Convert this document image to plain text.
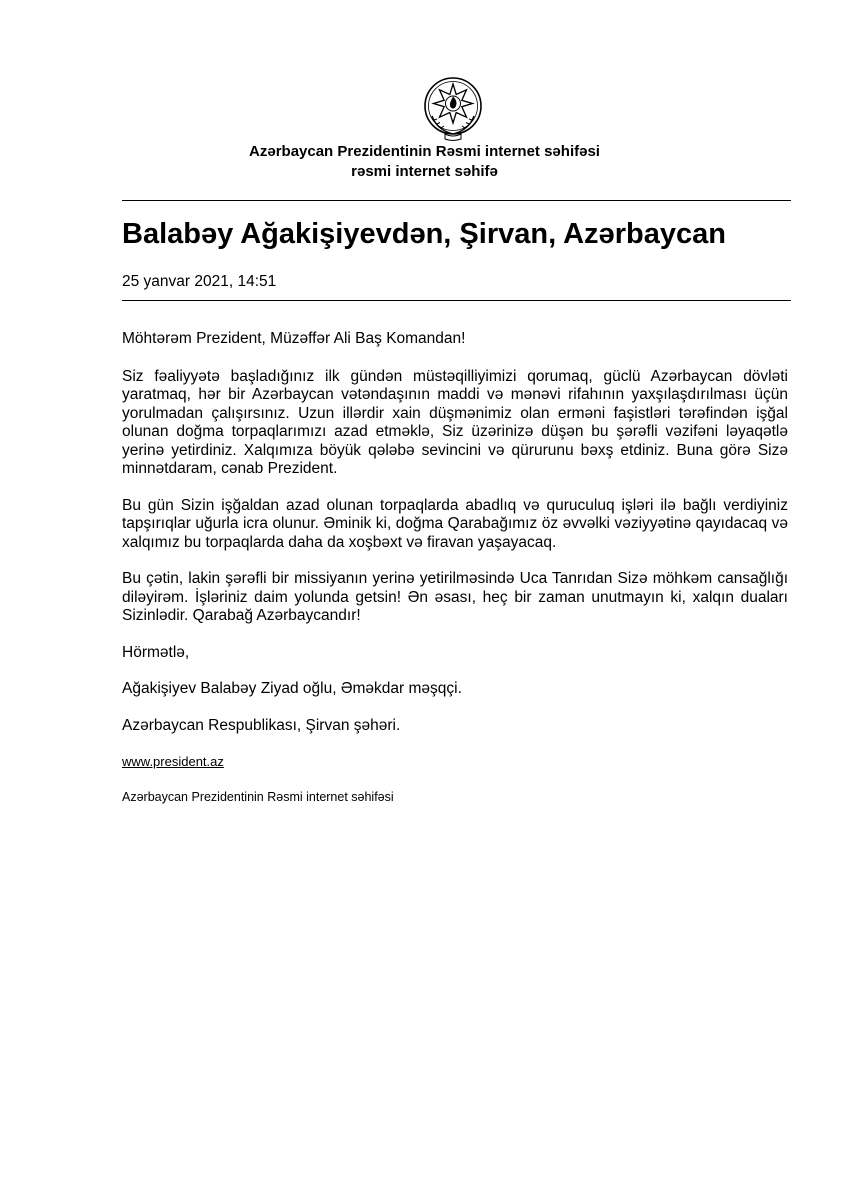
Azərbaycan Prezidentinin Rəsmi internet səhifəsi
rəsmi internet səhifə
Balabəy Ağakişiyevdən, Şirvan, Azərbaycan
25 yanvar 2021, 14:51

Möhtərəm Prezident, Müzəffər Ali Baş Komandan!

Siz fəaliyyətə başladığınız ilk gündən müstəqilliyimizi qorumaq, güclü Azərbaycan dövləti yaratmaq, hər bir Azərbaycan vətəndaşının maddi və mənəvi rifahının yaxşılaşdırılması üçün yorulmadan çalışırsınız. Uzun illərdir xain düşmənimiz olan erməni faşistləri tərəfindən işğal olunan doğma torpaqlarımızı azad etməklə, Siz üzərinizə düşən bu şərəfli vəzifəni ləyaqətlə yerinə yetirdiniz. Xalqımıza böyük qələbə sevincini və qürurunu bəxş etdiniz. Buna görə Sizə minnətdaram, cənab Prezident.

Bu gün Sizin işğaldan azad olunan torpaqlarda abadlıq və quruculuq işləri ilə bağlı verdiyiniz tapşırıqlar uğurla icra olunur. Əminik ki, doğma Qarabağımız öz əvvəlki vəziyyətinə qayıdacaq və xalqımız bu torpaqlarda daha da xoşbəxt və firavan yaşayacaq.

Bu çətin, lakin şərəfli bir missiyanın yerinə yetirilməsində Uca Tanrıdan Sizə möhkəm cansağlığı diləyirəm. İşləriniz daim yolunda getsin! Ən əsası, heç bir zaman unutmayın ki, xalqın duaları Sizinlədir. Qarabağ Azərbaycandır!

Hörmətlə,

Ağakişiyev Balabəy Ziyad oğlu, Əməkdar məşqçi.

Azərbaycan Respublikası, Şirvan şəhəri.

www.president.az
Azərbaycan Prezidentinin Rəsmi internet səhifəsi
